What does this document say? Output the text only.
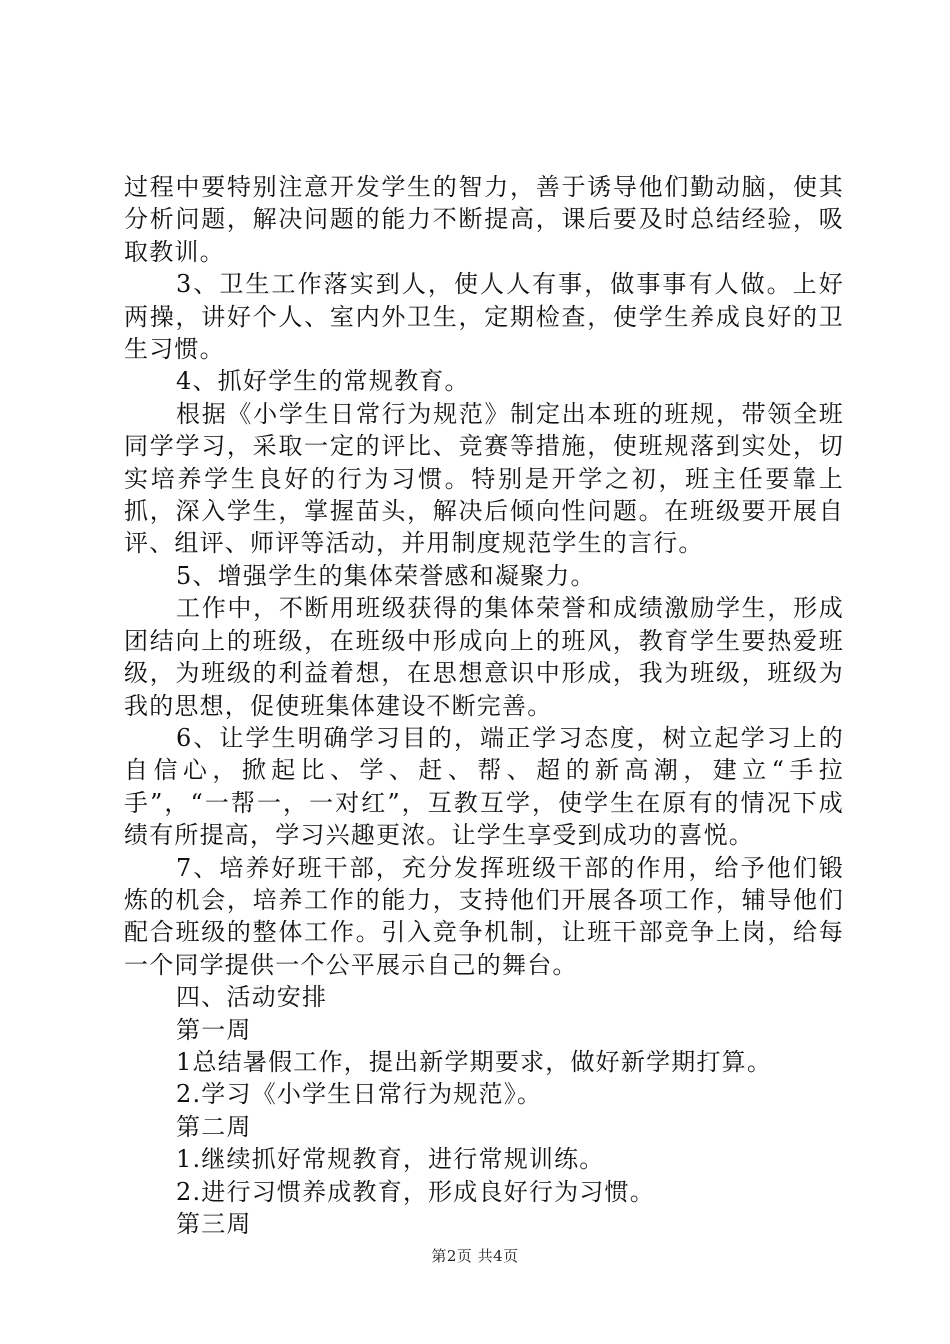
过程中要特别注意开发学生的智力，善于诱导他们勤动脑，使其分析问题，解决问题的能力不断提高，课后要及时总结经验，吸取教训。

3、卫生工作落实到人，使人人有事，做事事有人做。上好两操，讲好个人、室内外卫生，定期检查，使学生养成良好的卫生习惯。

4、抓好学生的常规教育。

根据《小学生日常行为规范》制定出本班的班规，带领全班同学学习，采取一定的评比、竞赛等措施，使班规落到实处，切实培养学生良好的行为习惯。特别是开学之初，班主任要靠上抓，深入学生，掌握苗头，解决后倾向性问题。在班级要开展自评、组评、师评等活动，并用制度规范学生的言行。

5、增强学生的集体荣誉感和凝聚力。

工作中，不断用班级获得的集体荣誉和成绩激励学生，形成团结向上的班级，在班级中形成向上的班风，教育学生要热爱班级，为班级的利益着想，在思想意识中形成，我为班级，班级为我的思想，促使班集体建设不断完善。

6、让学生明确学习目的，端正学习态度，树立起学习上的自信心，掀起比、学、赶、帮、超的新高潮，建立“手拉手”，“一帮一，一对红”，互教互学，使学生在原有的情况下成绩有所提高，学习兴趣更浓。让学生享受到成功的喜悦。

7、培养好班干部，充分发挥班级干部的作用，给予他们锻炼的机会，培养工作的能力，支持他们开展各项工作，辅导他们配合班级的整体工作。引入竞争机制，让班干部竞争上岗，给每一个同学提供一个公平展示自己的舞台。

四、活动安排

第一周

1总结暑假工作，提出新学期要求，做好新学期打算。

2.学习《小学生日常行为规范》。

第二周

1.继续抓好常规教育，进行常规训练。

2.进行习惯养成教育，形成良好行为习惯。

第三周

第2页 共4页
